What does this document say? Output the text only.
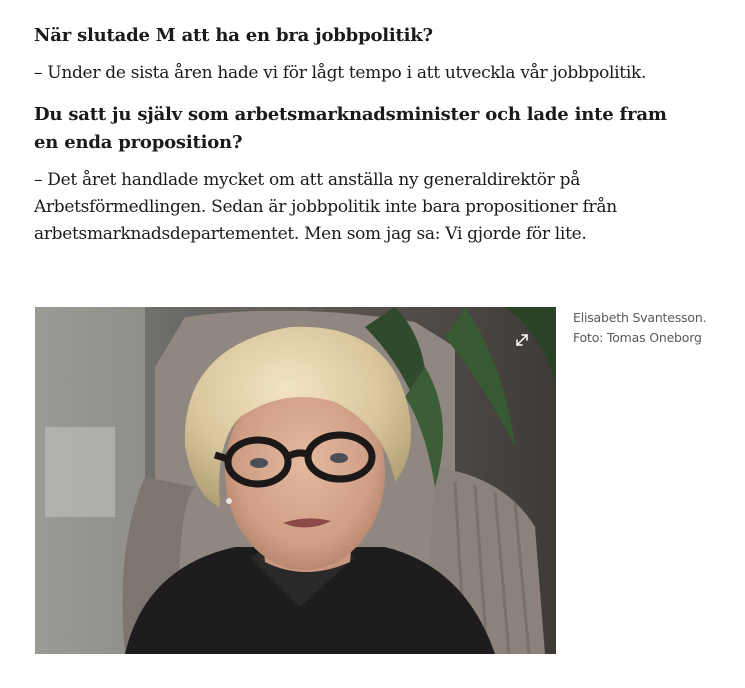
När slutade M att ha en bra jobbpolitik?

– Under de sista åren hade vi för lågt tempo i att utveckla vår jobbpolitik.

Du satt ju själv som arbetsmarknadsminister och lade inte fram en enda proposition?

– Det året handlade mycket om att anställa ny generaldirektör på Arbetsförmedlingen. Sedan är jobbpolitik inte bara propositioner från arbetsmarknadsdepartementet. Men som jag sa: Vi gjorde för lite.

Elisabeth Svantesson.
Foto: Tomas Oneborg
